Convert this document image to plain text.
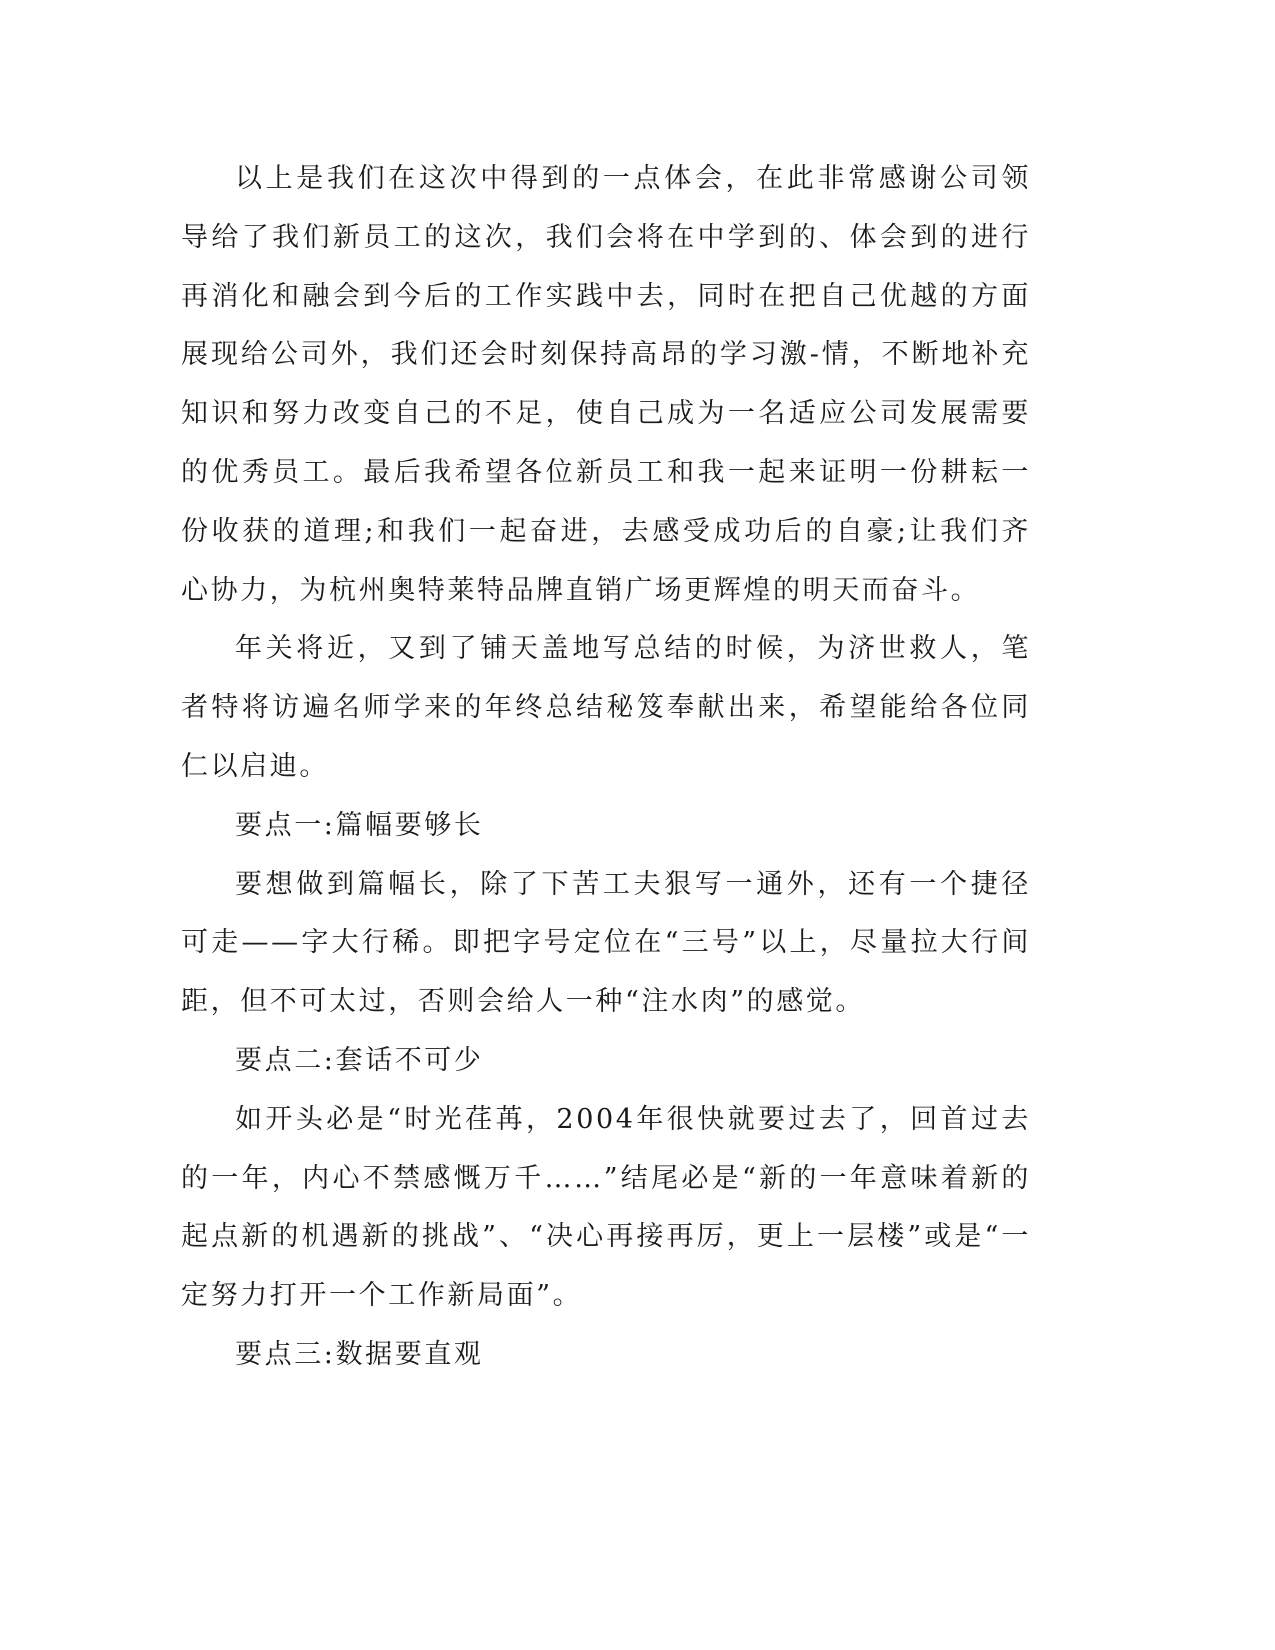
以上是我们在这次中得到的一点体会，在此非常感谢公司领导给了我们新员工的这次，我们会将在中学到的、体会到的进行再消化和融会到今后的工作实践中去，同时在把自己优越的方面展现给公司外，我们还会时刻保持高昂的学习激-情，不断地补充知识和努力改变自己的不足，使自己成为一名适应公司发展需要的优秀员工。最后我希望各位新员工和我一起来证明一份耕耘一份收获的道理;和我们一起奋进，去感受成功后的自豪;让我们齐心协力，为杭州奥特莱特品牌直销广场更辉煌的明天而奋斗。

年关将近，又到了铺天盖地写总结的时候，为济世救人，笔者特将访遍名师学来的年终总结秘笈奉献出来，希望能给各位同仁以启迪。

要点一:篇幅要够长

要想做到篇幅长，除了下苦工夫狠写一通外，还有一个捷径可走——字大行稀。即把字号定位在“三号”以上，尽量拉大行间距，但不可太过，否则会给人一种“注水肉”的感觉。

要点二:套话不可少

如开头必是“时光荏苒，2004年很快就要过去了，回首过去的一年，内心不禁感慨万千……”结尾必是“新的一年意味着新的起点新的机遇新的挑战”、“决心再接再厉，更上一层楼”或是“一定努力打开一个工作新局面”。

要点三:数据要直观
